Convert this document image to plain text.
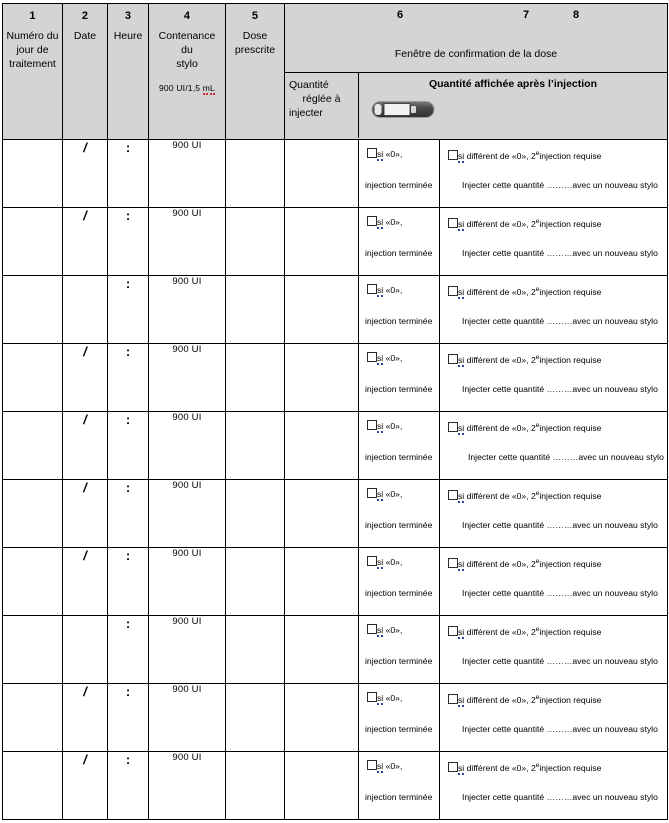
1
Numéro du
jour de
traitement

2
Date

3
Heure

4
Contenance du
stylo
900 UI/1,5 mL

5
Dose prescrite

6	7	8
Fenêtre de confirmation de la dose
Quantité
réglée à
injecter
Quantité affichée après l’injection

	/	:	900 UI		si «0»,
injection terminée
si différent de «0», 2einjection requise
Injecter cette quantité ………avec un nouveau stylo

	/	:	900 UI		si «0»,
injection terminée
si différent de «0», 2einjection requise
Injecter cette quantité ………avec un nouveau stylo

		:	900 UI		si «0»,
injection terminée
si différent de «0», 2einjection requise
Injecter cette quantité ………avec un nouveau stylo

	/	:	900 UI		si «0»,
injection terminée
si différent de «0», 2einjection requise
Injecter cette quantité ………avec un nouveau stylo

	/	:	900 UI		si «0»,
injection terminée
si différent de «0», 2einjection requise
Injecter cette quantité ………avec un nouveau stylo

	/	:	900 UI		si «0»,
injection terminée
si différent de «0», 2einjection requise
Injecter cette quantité ………avec un nouveau stylo

	/	:	900 UI		si «0»,
injection terminée
si différent de «0», 2einjection requise
Injecter cette quantité ………avec un nouveau stylo

		:	900 UI		si «0»,
injection terminée
si différent de «0», 2einjection requise
Injecter cette quantité ………avec un nouveau stylo

	/	:	900 UI		si «0»,
injection terminée
si différent de «0», 2einjection requise
Injecter cette quantité ………avec un nouveau stylo

	/	:	900 UI		si «0»,
injection terminée
si différent de «0», 2einjection requise
Injecter cette quantité ………avec un nouveau stylo
